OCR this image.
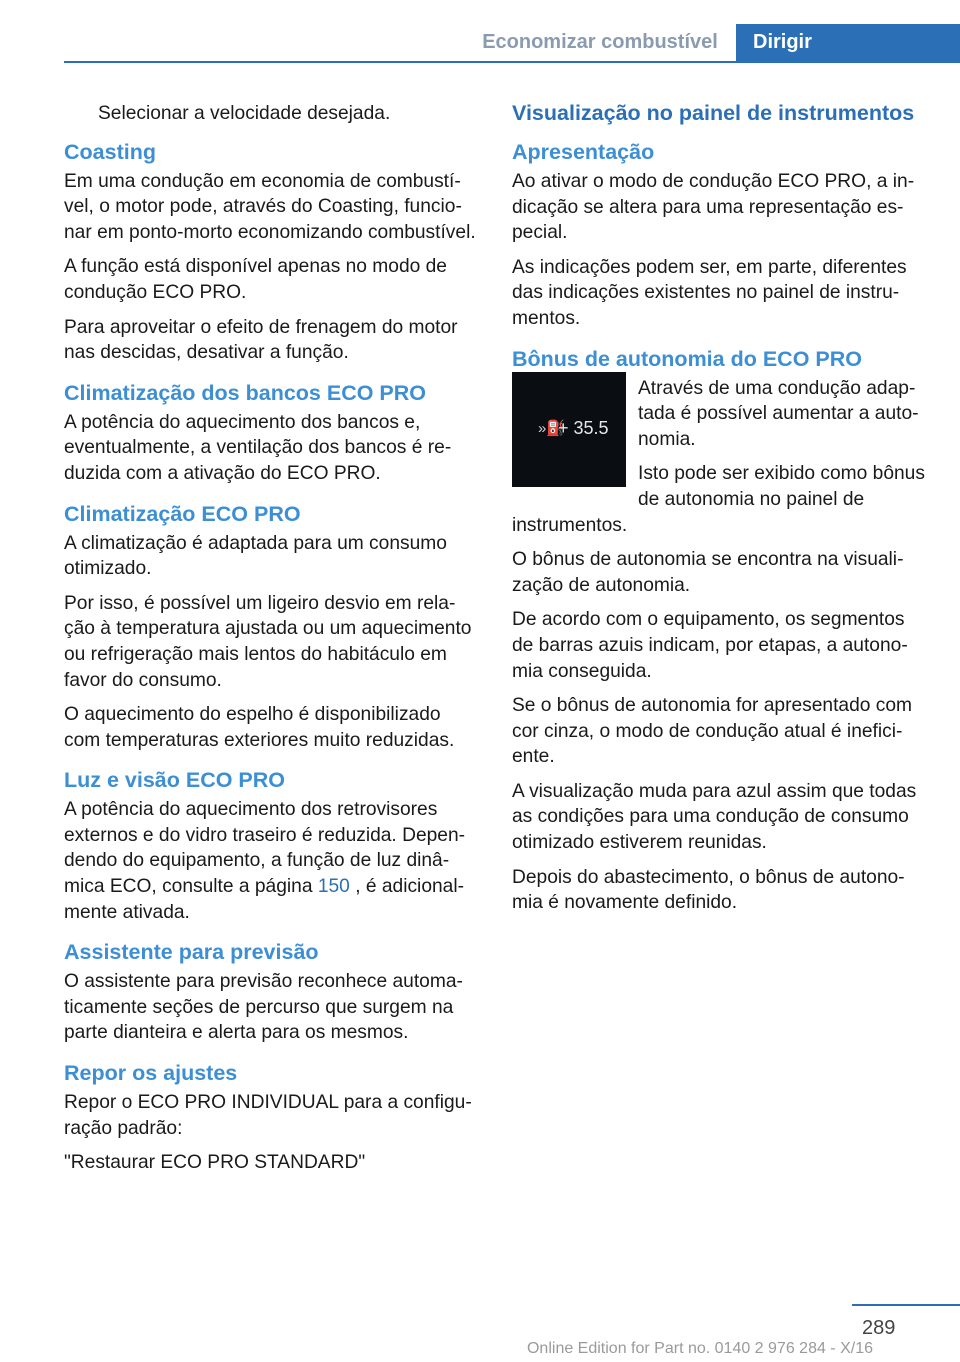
Economizar combustível Dirigir

Selecionar a velocidade desejada.

Coasting

Em uma condução em economia de combustível, o motor pode, através do Coasting, funcionar em ponto-morto economizando combustível.

A função está disponível apenas no modo de condução ECO PRO.

Para aproveitar o efeito de frenagem do motor nas descidas, desativar a função.

Climatização dos bancos ECO PRO

A potência do aquecimento dos bancos e, eventualmente, a ventilação dos bancos é reduzida com a ativação do ECO PRO.

Climatização ECO PRO

A climatização é adaptada para um consumo otimizado.

Por isso, é possível um ligeiro desvio em relação à temperatura ajustada ou um aquecimento ou refrigeração mais lentos do habitáculo em favor do consumo.

O aquecimento do espelho é disponibilizado com temperaturas exteriores muito reduzidas.

Luz e visão ECO PRO

A potência do aquecimento dos retrovisores externos e do vidro traseiro é reduzida. Dependendo do equipamento, a função de luz dinâmica ECO, consulte a página 150 , é adicionalmente ativada.

Assistente para previsão

O assistente para previsão reconhece automaticamente seções de percurso que surgem na parte dianteira e alerta para os mesmos.

Repor os ajustes

Repor o ECO PRO INDIVIDUAL para a configuração padrão:

"Restaurar ECO PRO STANDARD"

Visualização no painel de instrumentos
Apresentação

Ao ativar o modo de condução ECO PRO, a indicação se altera para uma representação especial.

As indicações podem ser, em parte, diferentes das indicações existentes no painel de instrumentos.

Bônus de autonomia do ECO PRO
»⛽
+ 35.5

Através de uma condução adaptada é possível aumentar a autonomia.

Isto pode ser exibido como bônus de autonomia no painel de

instrumentos.

O bônus de autonomia se encontra na visualização de autonomia.

De acordo com o equipamento, os segmentos de barras azuis indicam, por etapas, a autonomia conseguida.

Se o bônus de autonomia for apresentado com cor cinza, o modo de condução atual é ineficiente.

A visualização muda para azul assim que todas as condições para uma condução de consumo otimizado estiverem reunidas.

Depois do abastecimento, o bônus de autonomia é novamente definido.

289
Online Edition for Part no. 0140 2 976 284 - X/16
